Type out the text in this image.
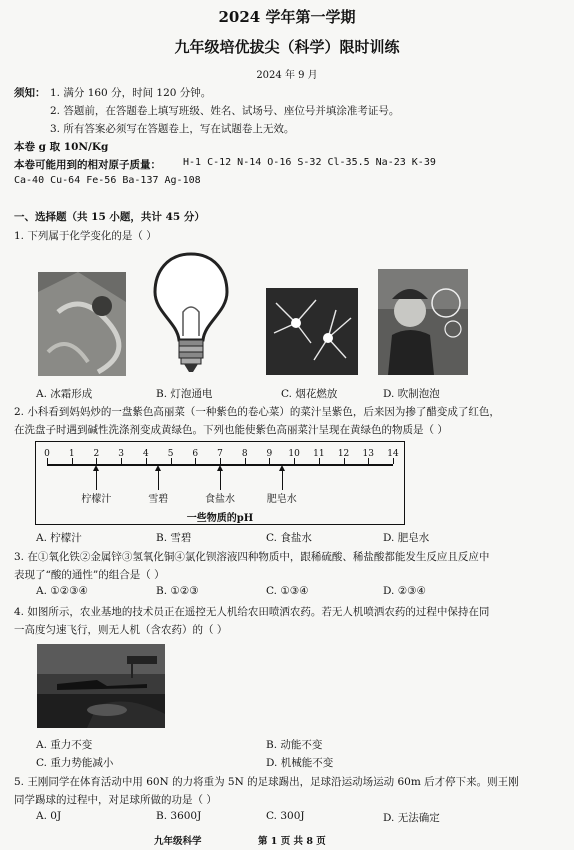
2024 学年第一学期
九年级培优拔尖（科学）限时训练
2024 年 9 月
须知： 1. 满分 160 分，时间 120 分钟。
2. 答题前，在答题卷上填写班级、姓名、试场号、座位号并填涂准考证号。
3. 所有答案必须写在答题卷上，写在试题卷上无效。
本卷 g 取 10N/Kg
本卷可能用到的相对原子质量： H-1 C-12 N-14 O-16 S-32 Cl-35.5 Na-23 K-39
Ca-40 Cu-64 Fe-56 Ba-137 Ag-108
一、选择题（共 15 小题，共计 45 分）
1. 下列属于化学变化的是（ ）
A. 冰霜形成	B. 灯泡通电	C. 烟花燃放	D. 吹制泡泡
2. 小科看到妈妈炒的一盘紫色高丽菜（一种紫色的卷心菜）的菜汁呈紫色，后来因为掺了醋变成了红色，
在洗盘子时遇到碱性洗涤剂变成黄绿色。下列也能使紫色高丽菜汁呈现在黄绿色的物质是（ ）
0 1 2 3 4 5 6 7 8 9 10 11 12 13 14
柠檬汁	雪碧	食盐水	肥皂水
一些物质的pH
A. 柠檬汁	B. 雪碧	C. 食盐水	D. 肥皂水
3. 在①氧化铁②金属锌③氢氧化铜④氯化钡溶液四种物质中，跟稀硫酸、稀盐酸都能发生反应且反应中
表现了“酸的通性”的组合是（ ）
A. ①②③④	B. ①②③	C. ①③④	D. ②③④
4. 如图所示，农业基地的技术员正在遥控无人机给农田喷洒农药。若无人机喷洒农药的过程中保持在同
一高度匀速飞行，则无人机（含农药）的（ ）
A. 重力不变	B. 动能不变
C. 重力势能减小	D. 机械能不变
5. 王刚同学在体育活动中用 60N 的力将重为 5N 的足球踢出，足球沿运动场运动 60m 后才停下来。则王刚
同学踢球的过程中，对足球所做的功是（ ）
A. 0J	B. 3600J	C. 300J	D. 无法确定
九年级科学	第 1 页 共 8 页
